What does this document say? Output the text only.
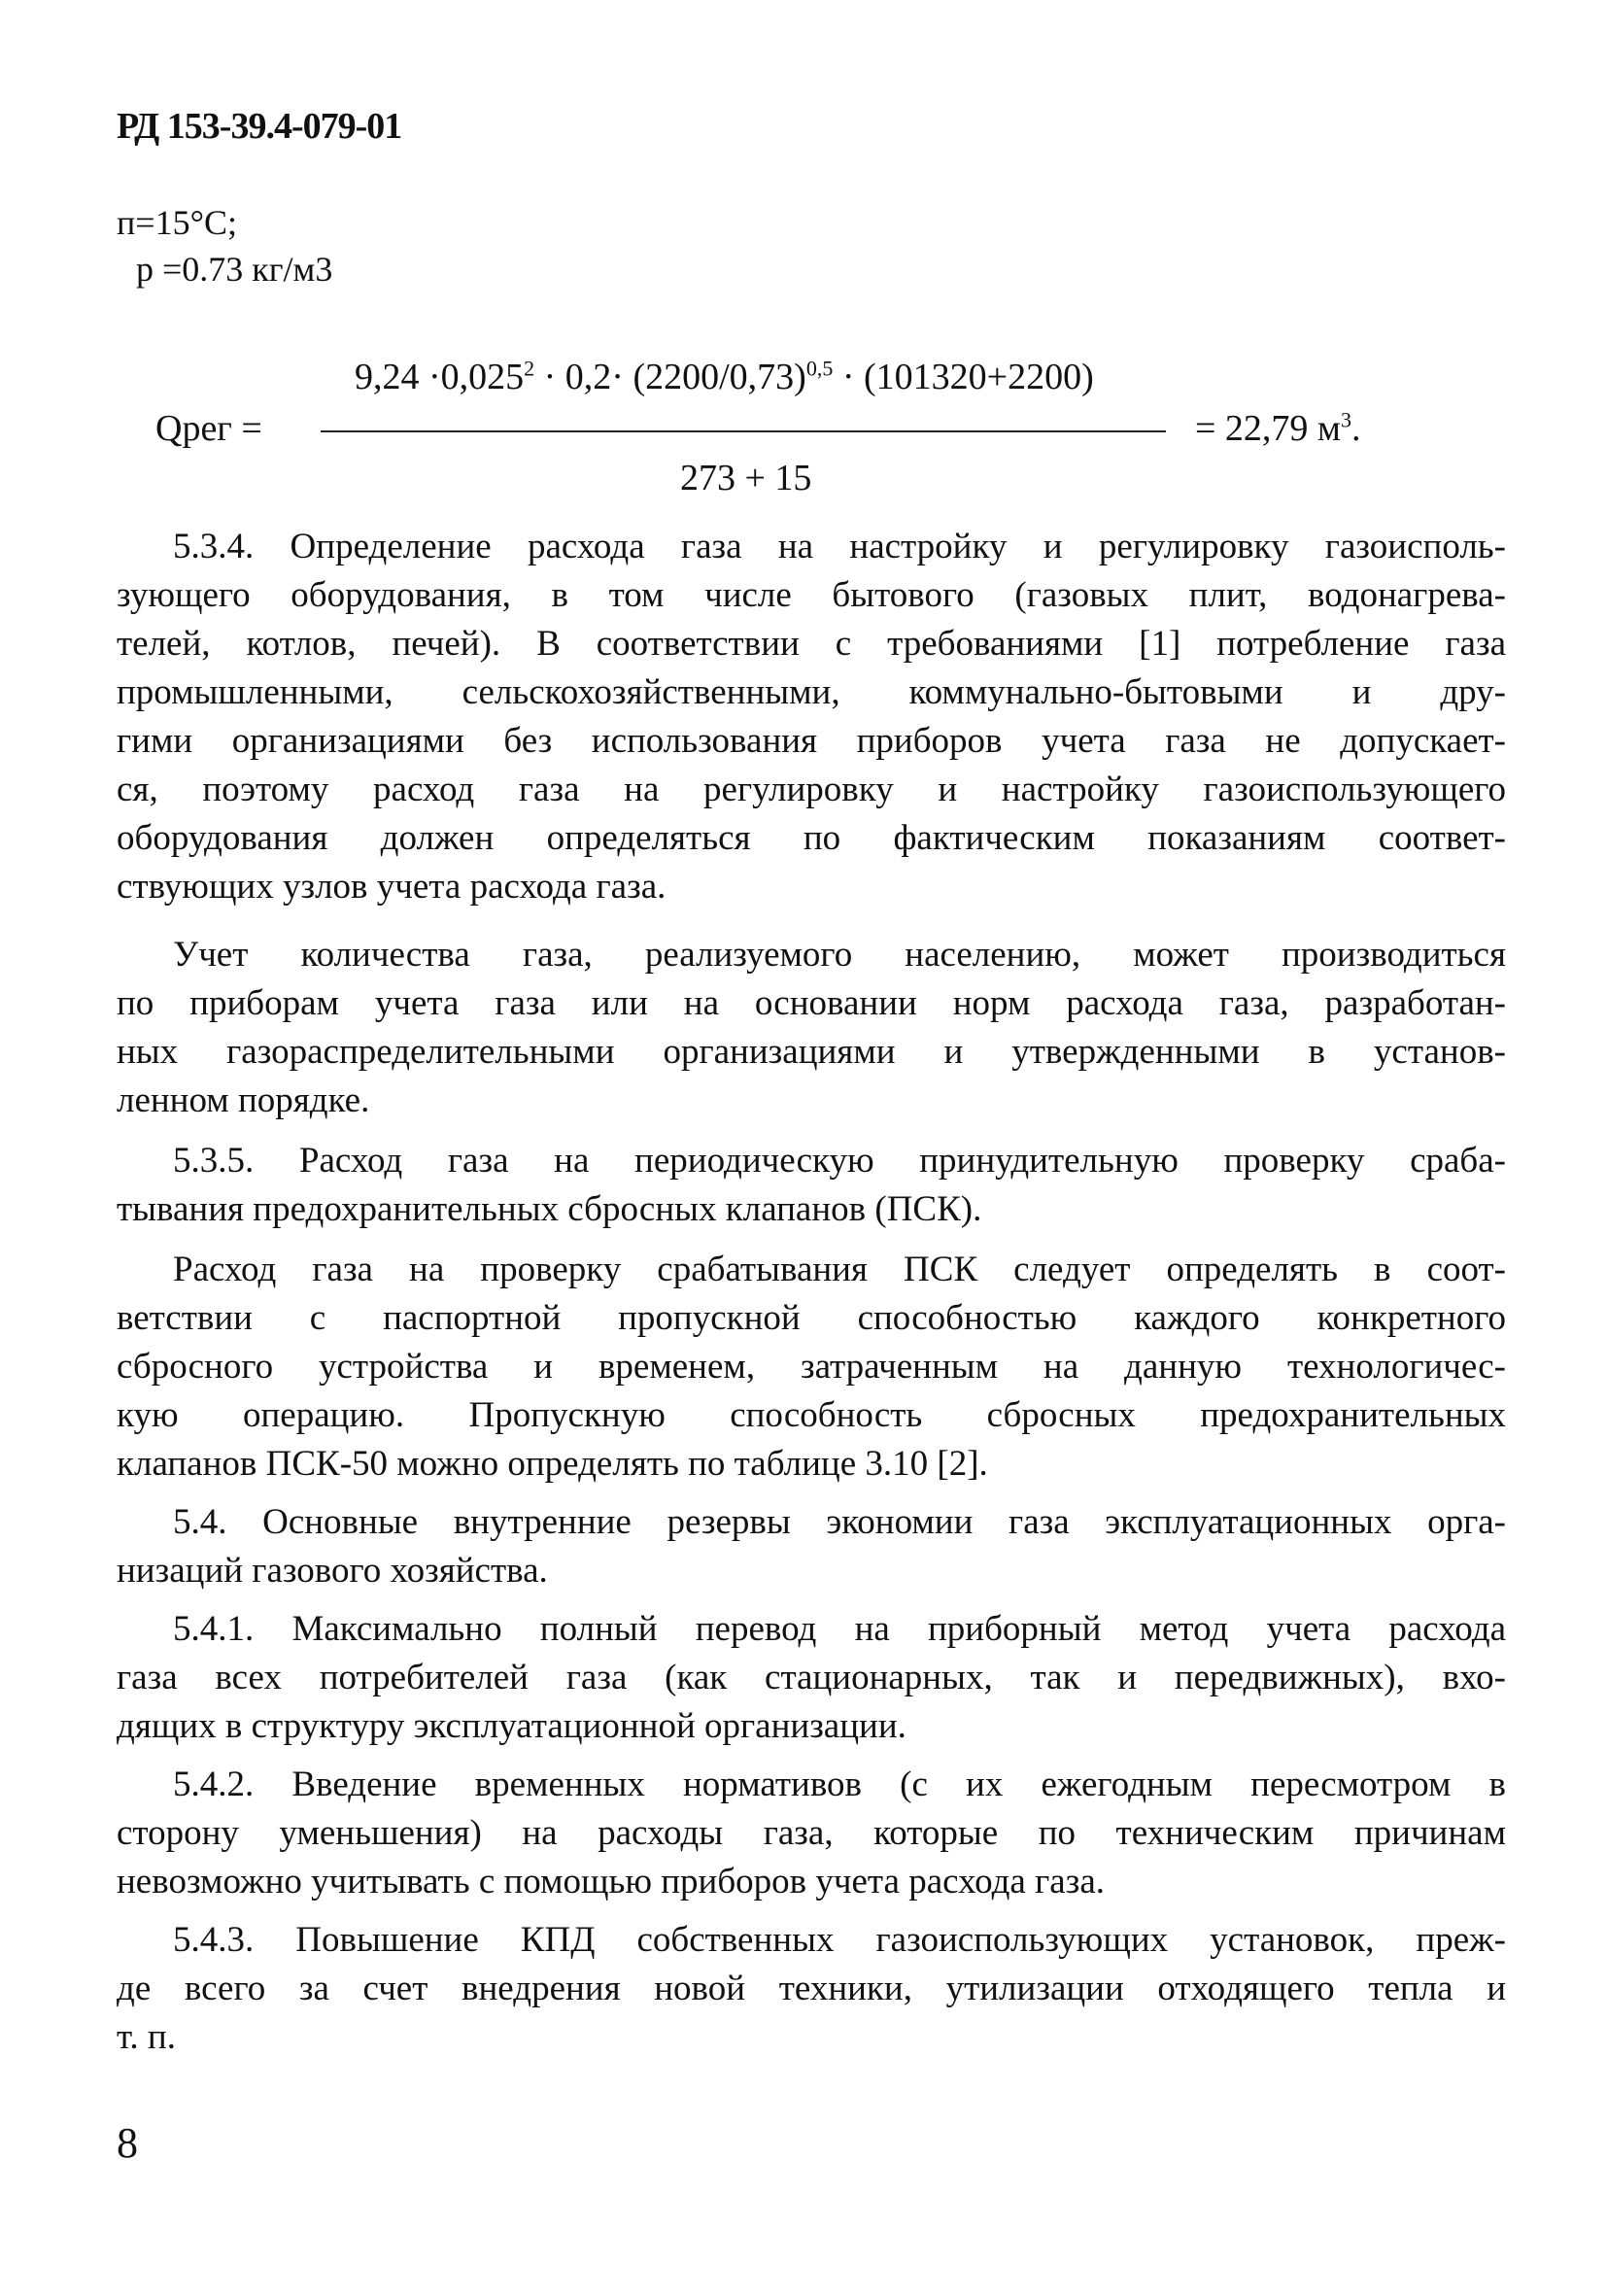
РД 153-39.4-079-01
п=15°С;
р =0.73 кг/м3
$9,24 \cdot 0,025^2 \cdot 0,2\cdot (2200/0,73)^{0,5} \cdot (101320+2200)$
Qрег =	= 22,79 $м^3$.
273 + 15
5.3.4. Определение расхода газа на настройку и регулировку газоисполь-
зующего оборудования, в том числе бытового (газовых плит, водонагрева-
телей, котлов, печей). В соответствии с требованиями [1] потребление газа
промышленными, сельскохозяйственными, коммунально-бытовыми и дру-
гими организациями без использования приборов учета газа не допускает-
ся, поэтому расход газа на регулировку и настройку газоиспользующего
оборудования должен определяться по фактическим показаниям соответ-
ствующих узлов учета расхода газа.
Учет количества газа, реализуемого населению, может производиться
по приборам учета газа или на основании норм расхода газа, разработан-
ных газораспределительными организациями и утвержденными в установ-
ленном порядке.
5.3.5. Расход газа на периодическую принудительную проверку сраба-
тывания предохранительных сбросных клапанов (ПСК).
Расход газа на проверку срабатывания ПСК следует определять в соот-
ветствии с паспортной пропускной способностью каждого конкретного
сбросного устройства и временем, затраченным на данную технологичес-
кую операцию. Пропускную способность сбросных предохранительных
клапанов ПСК-50 можно определять по таблице 3.10 [2].
5.4. Основные внутренние резервы экономии газа эксплуатационных орга-
низаций газового хозяйства.
5.4.1. Максимально полный перевод на приборный метод учета расхода
газа всех потребителей газа (как стационарных, так и передвижных), вхо-
дящих в структуру эксплуатационной организации.
5.4.2. Введение временных нормативов (с их ежегодным пересмотром в
сторону уменьшения) на расходы газа, которые по техническим причинам
невозможно учитывать с помощью приборов учета расхода газа.
5.4.3. Повышение КПД собственных газоиспользующих установок, преж-
де всего за счет внедрения новой техники, утилизации отходящего тепла и
т. п.
8
